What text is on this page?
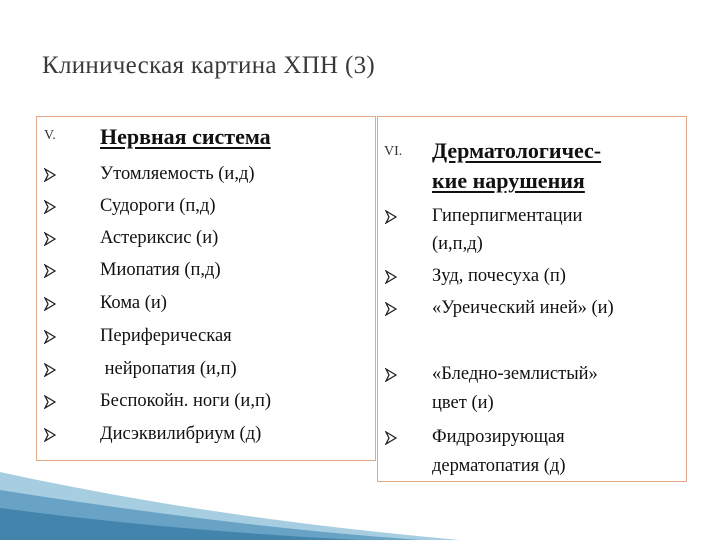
Клиническая картина ХПН (3)
V. Нервная система
Утомляемость (и,д)
Судороги (п,д)
Астериксис (и)
Миопатия (п,д)
Кома (и)
Периферическая
нейропатия (и,п)
Беспокойн. ноги (и,п)
Дисэквилибриум (д)
VI. Дерматологичес-
кие нарушения
Гиперпигментации
(и,п,д)
Зуд, почесуха (п)
«Уреический иней» (и)
«Бледно-землистый»
цвет (и)
Фидрозирующая
дерматопатия (д)
